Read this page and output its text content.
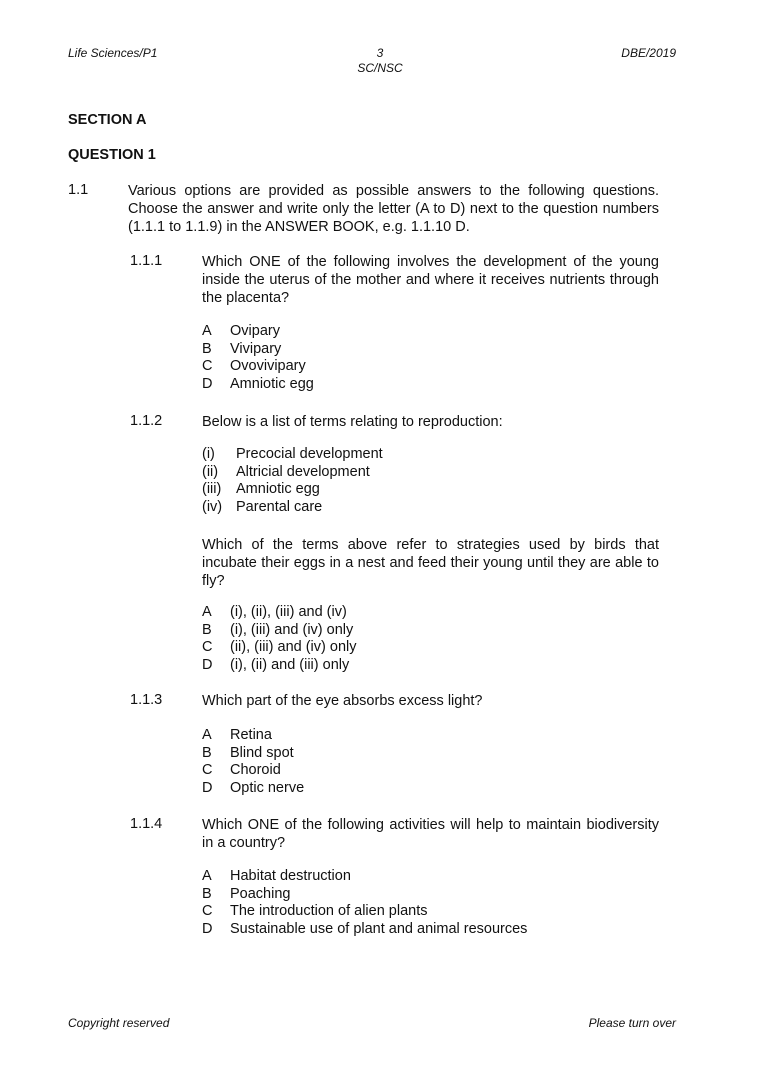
Life Sciences/P1	3
SC/NSC
DBE/2019
SECTION A
QUESTION 1
1.1	Various options are provided as possible answers to the following questions. Choose the answer and write only the letter (A to D) next to the question numbers (1.1.1 to 1.1.9) in the ANSWER BOOK, e.g. 1.1.10 D.
1.1.1	Which ONE of the following involves the development of the young inside the uterus of the mother and where it receives nutrients through the placenta?
A	Ovipary
B	Vivipary
C	Ovovivipary
D	Amniotic egg
1.1.2	Below is a list of terms relating to reproduction:
(i)	Precocial development
(ii)	Altricial development
(iii)	Amniotic egg
(iv) Parental care
Which of the terms above refer to strategies used by birds that incubate their eggs in a nest and feed their young until they are able to fly?
A	(i), (ii), (iii) and (iv)
B	(i), (iii) and (iv) only
C	(ii), (iii) and (iv) only
D	(i), (ii) and (iii) only
1.1.3	Which part of the eye absorbs excess light?
A	Retina
B	Blind spot
C	Choroid
D	Optic nerve
1.1.4	Which ONE of the following activities will help to maintain biodiversity in a country?
A	Habitat destruction
B	Poaching
C	The introduction of alien plants
D	Sustainable use of plant and animal resources
Copyright reserved	Please turn over
